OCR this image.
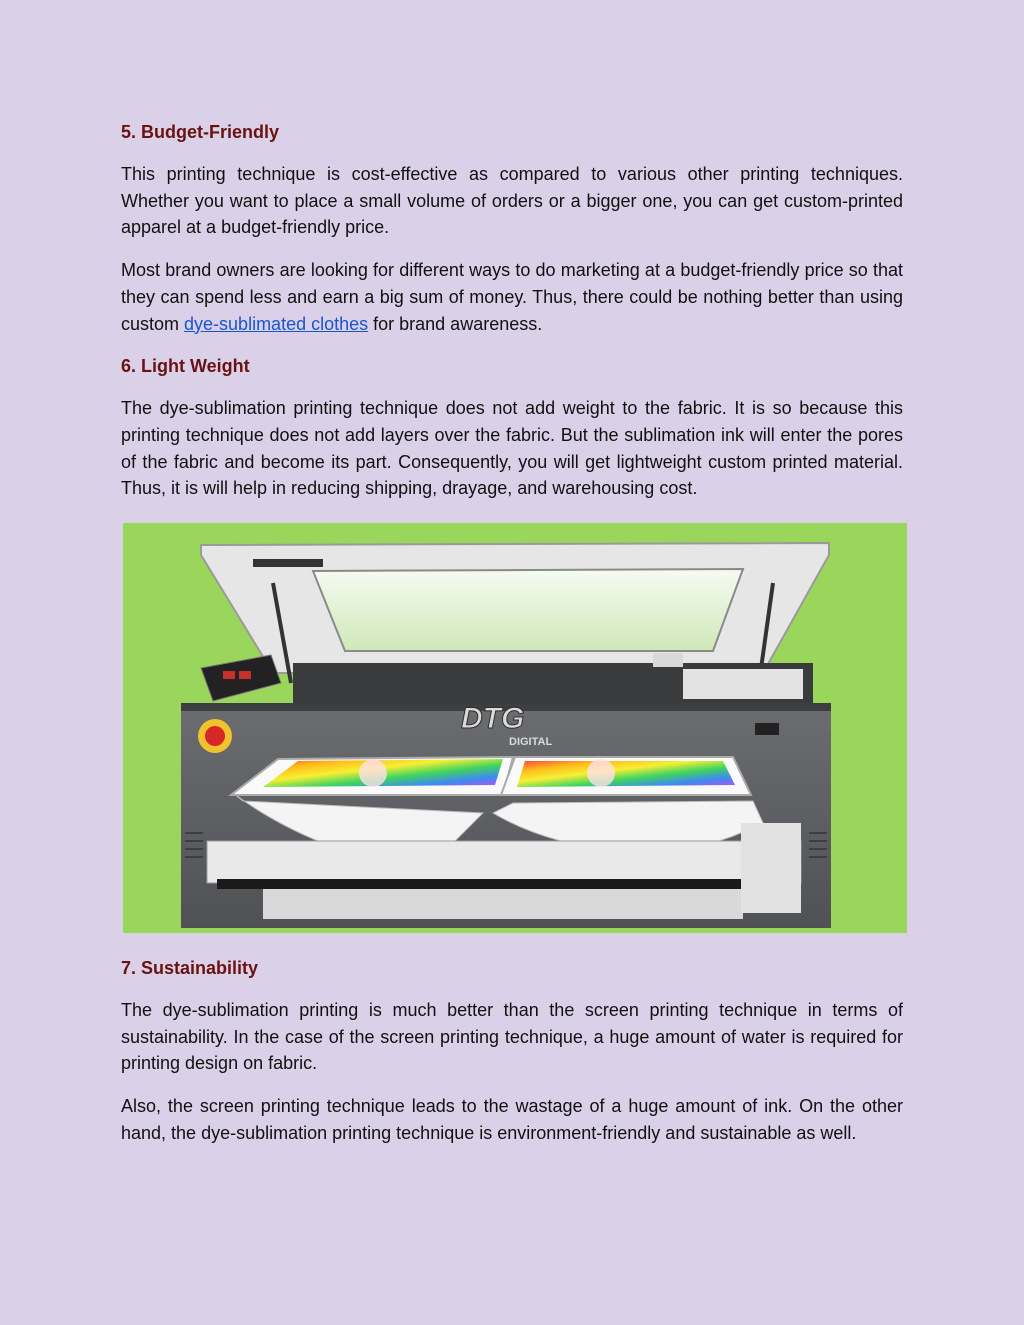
5. Budget-Friendly

This printing technique is cost-effective as compared to various other printing techniques. Whether you want to place a small volume of orders or a bigger one, you can get custom-printed apparel at a budget-friendly price.

Most brand owners are looking for different ways to do marketing at a budget-friendly price so that they can spend less and earn a big sum of money. Thus, there could be nothing better than using custom dye-sublimated clothes for brand awareness.

6. Light Weight

The dye-sublimation printing technique does not add weight to the fabric. It is so because this printing technique does not add layers over the fabric. But the sublimation ink will enter the pores of the fabric and become its part. Consequently, you will get lightweight custom printed material. Thus, it is will help in reducing shipping, drayage, and warehousing cost.

DTG
DIGITAL
7. Sustainability

The dye-sublimation printing is much better than the screen printing technique in terms of sustainability. In the case of the screen printing technique, a huge amount of water is required for printing design on fabric.

Also, the screen printing technique leads to the wastage of a huge amount of ink. On the other hand, the dye-sublimation printing technique is environment-friendly and sustainable as well.
